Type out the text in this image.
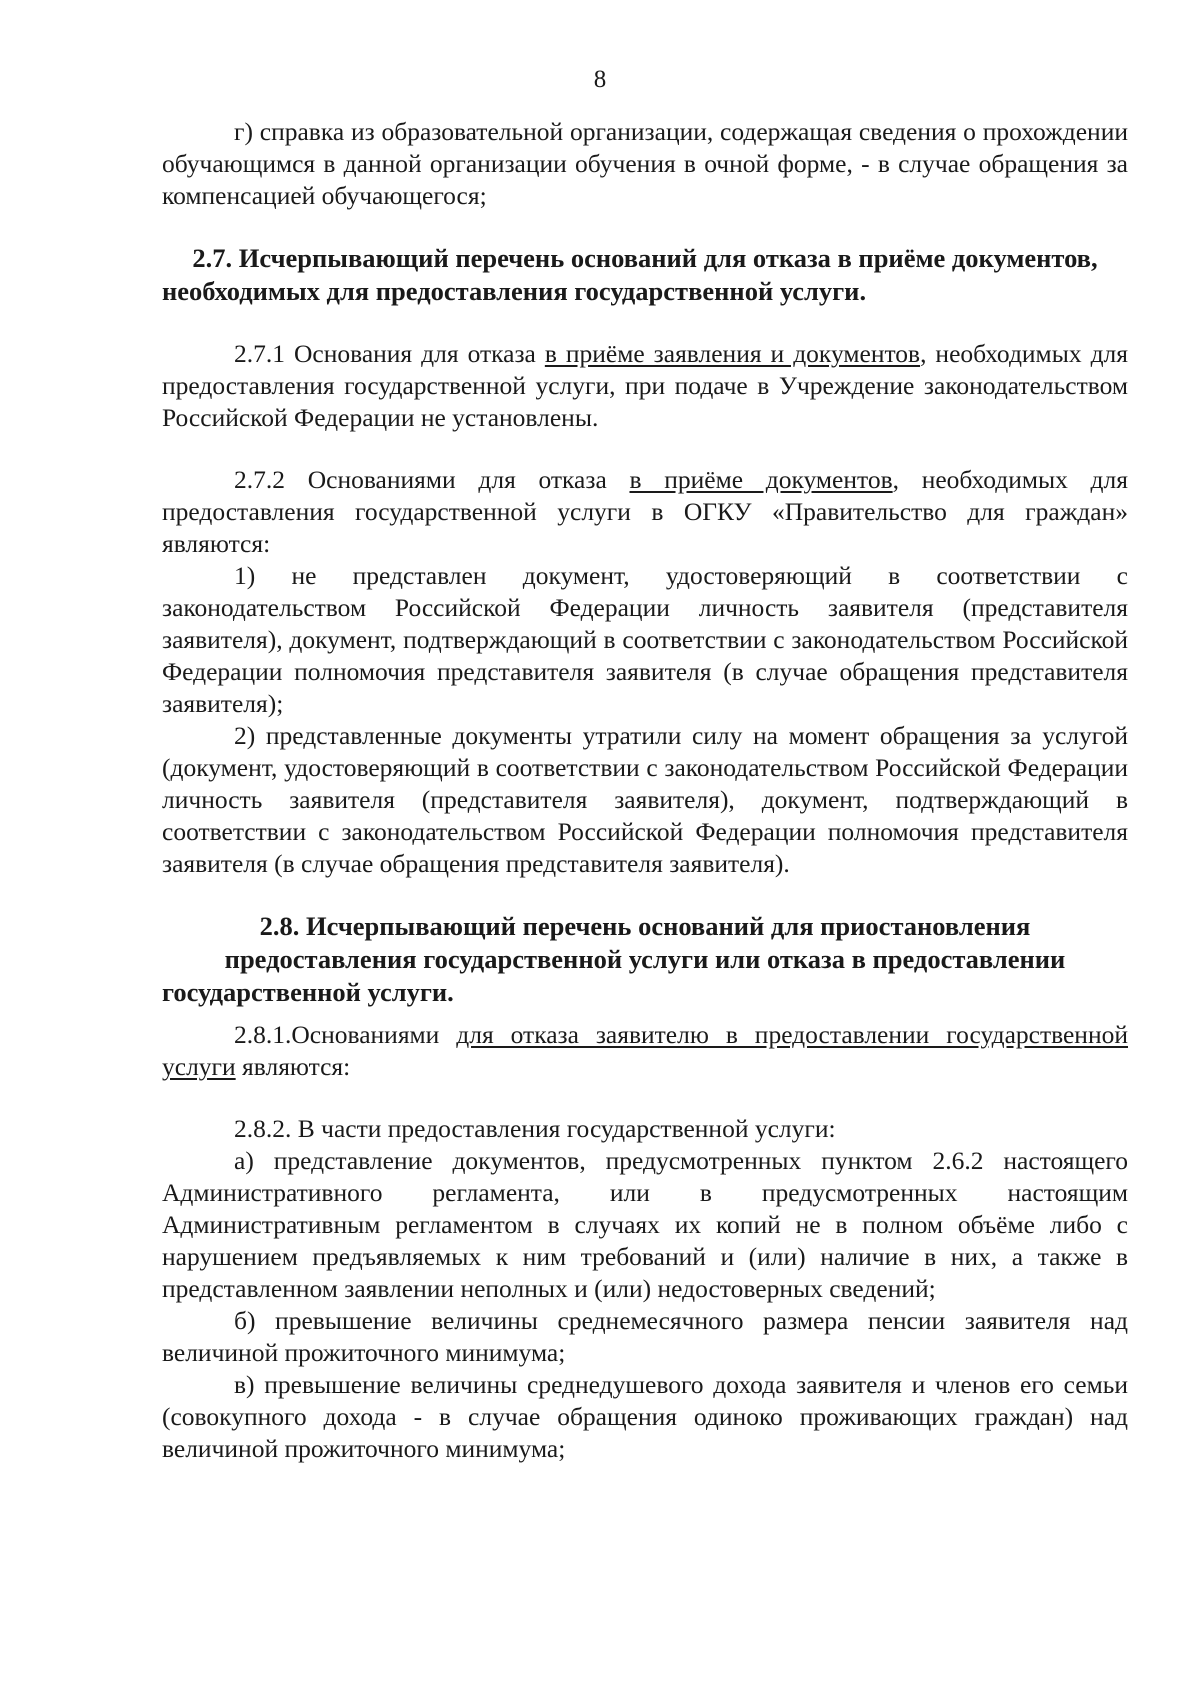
8

г) справка из образовательной организации, содержащая сведения о прохождении обучающимся в данной организации обучения в очной форме, - в случае обращения за компенсацией обучающегося;

2.7. Исчерпывающий перечень оснований для отказа в приёме документов, необходимых для предоставления государственной услуги.

2.7.1 Основания для отказа в приёме заявления и документов, необходимых для предоставления государственной услуги, при подаче в Учреждение законодательством Российской Федерации не установлены.

2.7.2 Основаниями для отказа в приёме документов, необходимых для предоставления государственной услуги в ОГКУ «Правительство для граждан» являются:

1) не представлен документ, удостоверяющий в соответствии с законодательством Российской Федерации личность заявителя (представителя заявителя), документ, подтверждающий в соответствии с законодательством Российской Федерации полномочия представителя заявителя (в случае обращения представителя заявителя);

2) представленные документы утратили силу на момент обращения за услугой (документ, удостоверяющий в соответствии с законодательством Российской Федерации личность заявителя (представителя заявителя), документ, подтверждающий в соответствии с законодательством Российской Федерации полномочия представителя заявителя (в случае обращения представителя заявителя).

2.8. Исчерпывающий перечень оснований для приостановления предоставления государственной услуги или отказа в предоставлении государственной услуги.

2.8.1.Основаниями для отказа заявителю в предоставлении государственной услуги являются:

2.8.2. В части предоставления государственной услуги:

а) представление документов, предусмотренных пунктом 2.6.2 настоящего Административного регламента, или в предусмотренных настоящим Административным регламентом в случаях их копий не в полном объёме либо с нарушением предъявляемых к ним требований и (или) наличие в них, а также в представленном заявлении неполных и (или) недостоверных сведений;

б) превышение величины среднемесячного размера пенсии заявителя над величиной прожиточного минимума;

в) превышение величины среднедушевого дохода заявителя и членов его семьи (совокупного дохода - в случае обращения одиноко проживающих граждан) над величиной прожиточного минимума;
